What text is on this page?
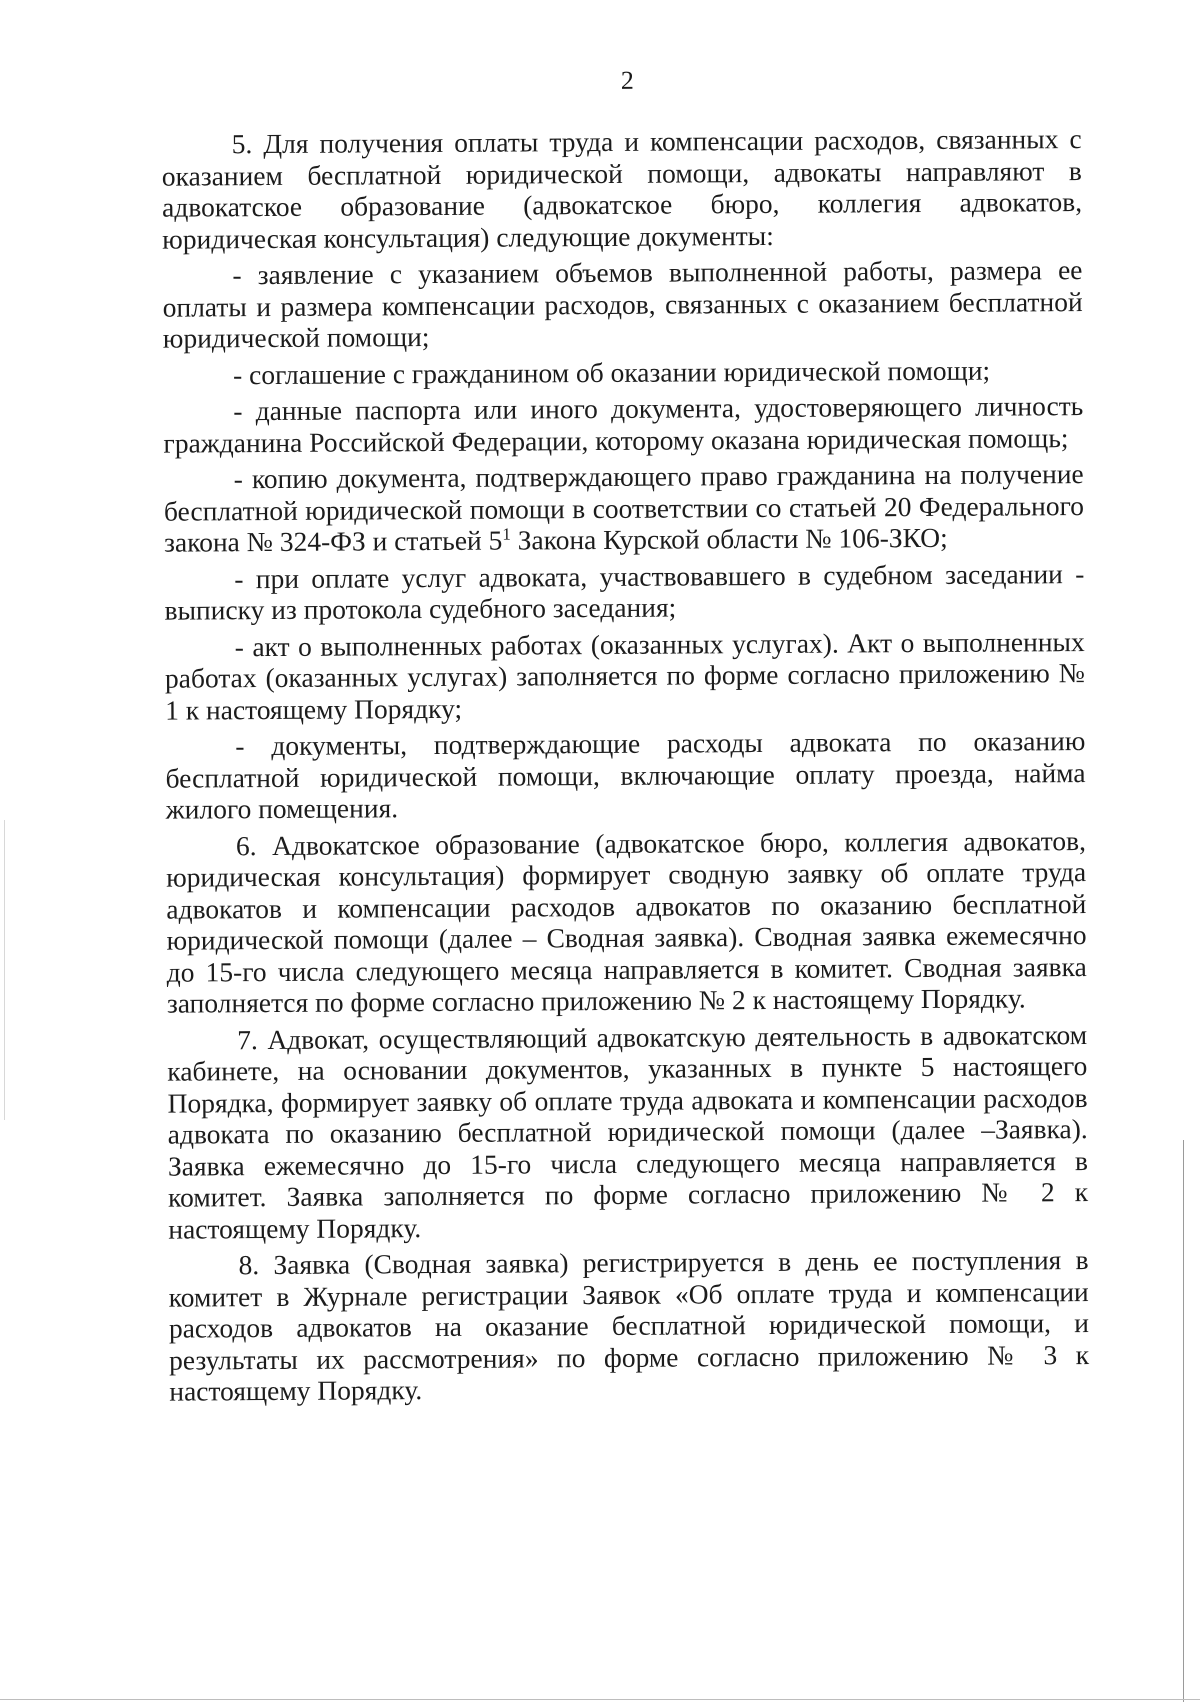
2

5. Для получения оплаты труда и компенсации расходов, связанных с оказанием бесплатной юридической помощи, адвокаты направляют в адвокатское образование (адвокатское бюро, коллегия адвокатов, юридическая консультация) следующие документы:

- заявление с указанием объемов выполненной работы, размера ее оплаты и размера компенсации расходов, связанных с оказанием бесплатной юридической помощи;

- соглашение с гражданином об оказании юридической помощи;

- данные паспорта или иного документа, удостоверяющего личность гражданина Российской Федерации, которому оказана юридическая помощь;

- копию документа, подтверждающего право гражданина на получение бесплатной юридической помощи в соответствии со статьей 20 Федерального закона № 324-ФЗ и статьей $5^1$ Закона Курской области № 106-ЗКО;

- при оплате услуг адвоката, участвовавшего в судебном заседании - выписку из протокола судебного заседания;

- акт о выполненных работах (оказанных услугах). Акт о выполненных работах (оказанных услугах) заполняется по форме согласно приложению № 1 к настоящему Порядку;

- документы, подтверждающие расходы адвоката по оказанию бесплатной юридической помощи, включающие оплату проезда, найма жилого помещения.

6. Адвокатское образование (адвокатское бюро, коллегия адвокатов, юридическая консультация) формирует сводную заявку об оплате труда адвокатов и компенсации расходов адвокатов по оказанию бесплатной юридической помощи (далее – Сводная заявка). Сводная заявка ежемесячно до 15-го числа следующего месяца направляется в комитет. Сводная заявка заполняется по форме согласно приложению № 2 к настоящему Порядку.

7. Адвокат, осуществляющий адвокатскую деятельность в адвокатском кабинете, на основании документов, указанных в пункте 5 настоящего Порядка, формирует заявку об оплате труда адвоката и компенсации расходов адвоката по оказанию бесплатной юридической помощи (далее –Заявка). Заявка ежемесячно до 15-го числа следующего месяца направляется в комитет. Заявка заполняется по форме согласно приложению № 2 к настоящему Порядку.

8. Заявка (Сводная заявка) регистрируется в день ее поступления в комитет в Журнале регистрации Заявок «Об оплате труда и компенсации расходов адвокатов на оказание бесплатной юридической помощи, и результаты их рассмотрения» по форме согласно приложению № 3 к настоящему Порядку.
